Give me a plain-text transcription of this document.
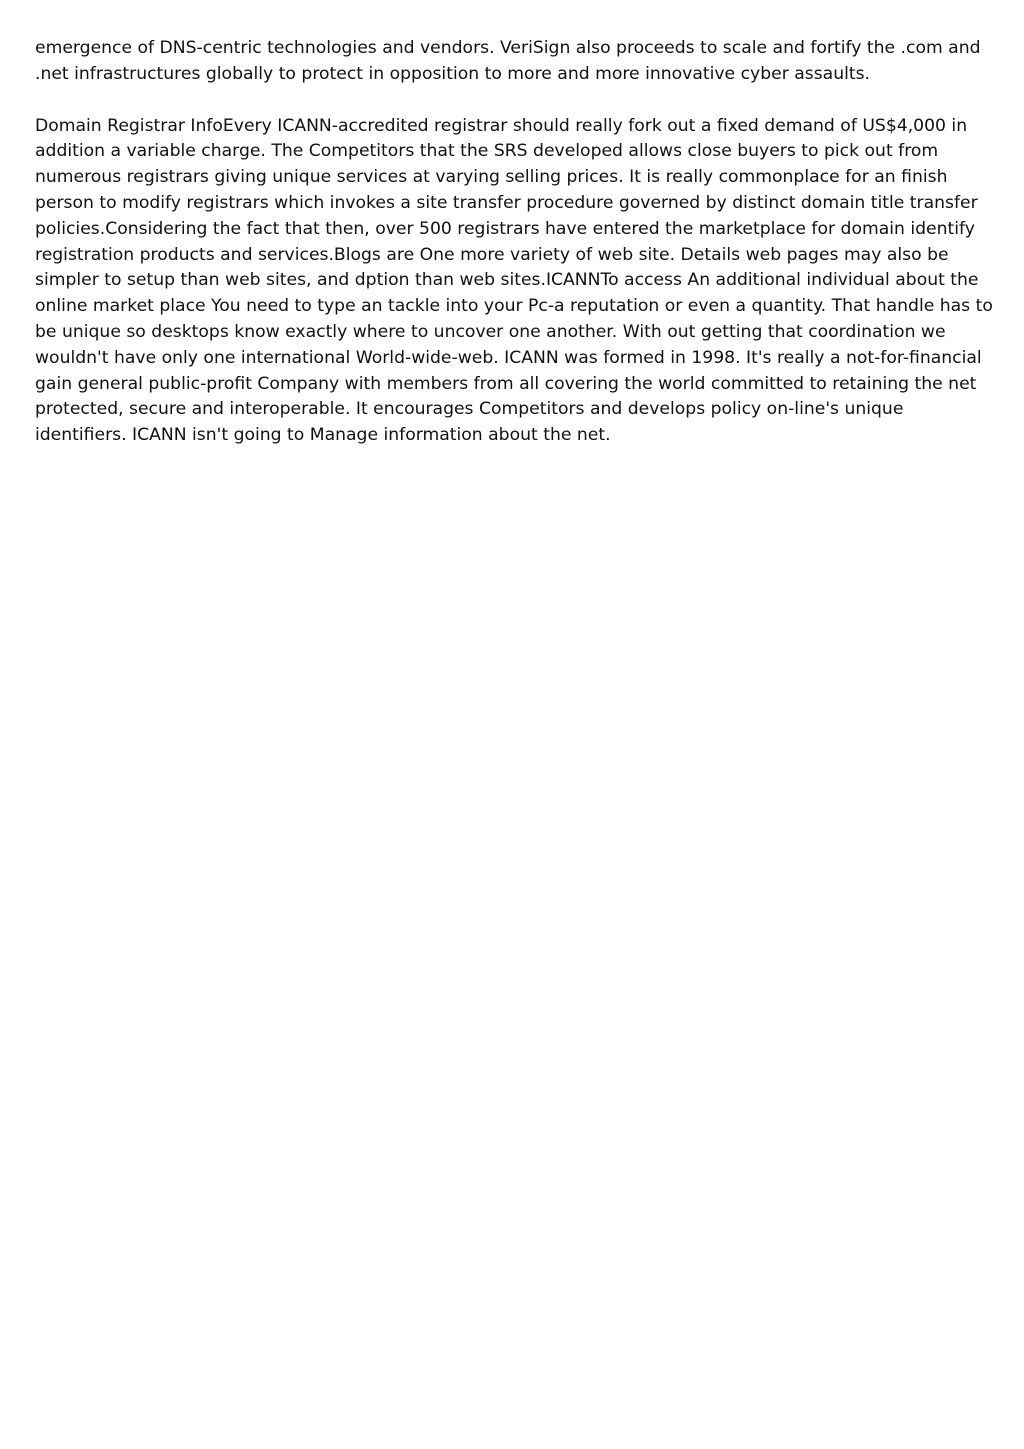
emergence of DNS-centric technologies and vendors. VeriSign also proceeds to scale and fortify the .com and .net infrastructures globally to protect in opposition to more and more innovative cyber assaults.

Domain Registrar InfoEvery ICANN-accredited registrar should really fork out a fixed demand of US$4,000 in addition a variable charge. The Competitors that the SRS developed allows close buyers to pick out from numerous registrars giving unique services at varying selling prices. It is really commonplace for an finish person to modify registrars which invokes a site transfer procedure governed by distinct domain title transfer policies.Considering the fact that then, over 500 registrars have entered the marketplace for domain identify registration products and services.Blogs are One more variety of web site. Details web pages may also be simpler to setup than web sites, and dption than web sites.ICANNTo access An additional individual about the online market place You need to type an tackle into your Pc-a reputation or even a quantity. That handle has to be unique so desktops know exactly where to uncover one another. With out getting that coordination we wouldn't have only one international World-wide-web. ICANN was formed in 1998. It's really a not-for-financial gain general public-profit Company with members from all covering the world committed to retaining the net protected, secure and interoperable. It encourages Competitors and develops policy on-line's unique identifiers. ICANN isn't going to Manage information about the net.
